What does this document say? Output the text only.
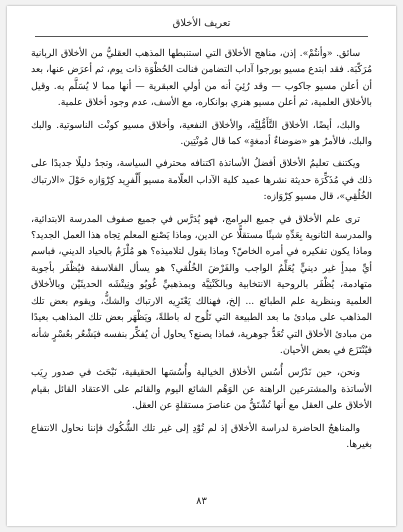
تعريف الأخلاق

سائق. «وأنتُمْ». إذن، مناهج الأخلاق التي استنبطها المذهب العقليُّ من الأخلاق الربانية مُرَكّبَة. فقد ابتدع مسيو بورجوا آداب التضامن فنالت الحُظْوَة ذات يوم، ثم أعرَض عنها، بعد أن أعلن مسيو جاكوب — وقد رُئِيَ أنه من أولي العبقرية — أنها مما لا يُسَلَّم به. وقيل بالأخلاق العلمية، ثم أعلن مسيو هنري بوانكاره، مع الأسف، عدم وجود أخلاق علمية.

والبك، أيضًا، الأخلاق التَّأَمُّلِيَّة، والأخلاق النفعية، وأخلاق مسيو كونْت الناسوتية. والبك والبك، فالأمرُ هو «ضوضاءٌ أدمغةٍ» كما قال مُونْتِين.

ويكتنف تعليمُ الأخلاق أفضلُ الأساتذة اكتنافه محترفي السياسة، وتجدُ دليلًا جديدًا على ذلك في مُذَكِّرَة حديثة نشرها عميد كلية الآداب العلّامة مسيو أَلْفرِيد كِرْوَازه حَوْلَ «الارتباك الخُلُقِي»، قال مسيو كِرْوَازه:

ترى علم الأخلاق في جميع البرامج، فهو يُدَرَّس في جميع صفوف المدرسة الابتدائية، والمدرسة الثانوية بِعَدِّهِ شيئًا مستقلًّا عن الدين، وماذا يَصْنع المعلم تِجاه هذا العمل الجديد؟ وماذا يكون تفكيره في أمره الخاصّ؟ وماذا يقول لتلاميذه؟ هو مُلْزَمٌ بالحياد الديني، فباسم أيِّ مبدأٍ غير دينيٍّ يُعَلِّمُ الواجب والفَرْضَ الخُلُقي؟ هو يسأل الفلاسفة فيُظْفَر بأجوبة متهادمة، يُظْفَر بالروحية الانتخابية وبالكَنْتِيَّة وبمذهبيِّ غُويُو ونِيتْشَه الحديثَيْن وبالأخلاق العلمية وبنظرية علم الطبائع ... إلخ، فهنالك يَعْتَرِيه الارتباك والشكُّ، ويقوم بعض تلك المذاهب على مبادئ ما بعد الطبيعة التي تَلُوح له باطلةً، ويَظْهَر بعض تلك المذاهب بعيدًا من مبادئ الأخلاق التي تُعَدُّ جوهرية، فماذا يصنع؟ يحاول أن يُفكِّر بنفسه فيَشْعُر بعُسْرٍ شأنه فيُنْتَزَع في بعض الأحيان.

ونحن، حين نَدْرُس أُسُس الأخلاق الخيالية وأُسُسَها الحقيقية، نَبْحَث في صدور رِيَب الأساتذة والمشترعين الراهنة عن الوَهْم الشائع اليوم والقائم على الاعتقاد القائل بقيام الأخلاق على العقل مع أنها تُشْتَقُّ من عناصرَ مستقلةٍ عن العقل.

والمناهجُ الحاضرة لدراسة الأخلاق إذ لم تُوْدِ إلى غير تلك الشُّكُوك فإننا نحاول الانتفاع بغيرها.

٨٣
